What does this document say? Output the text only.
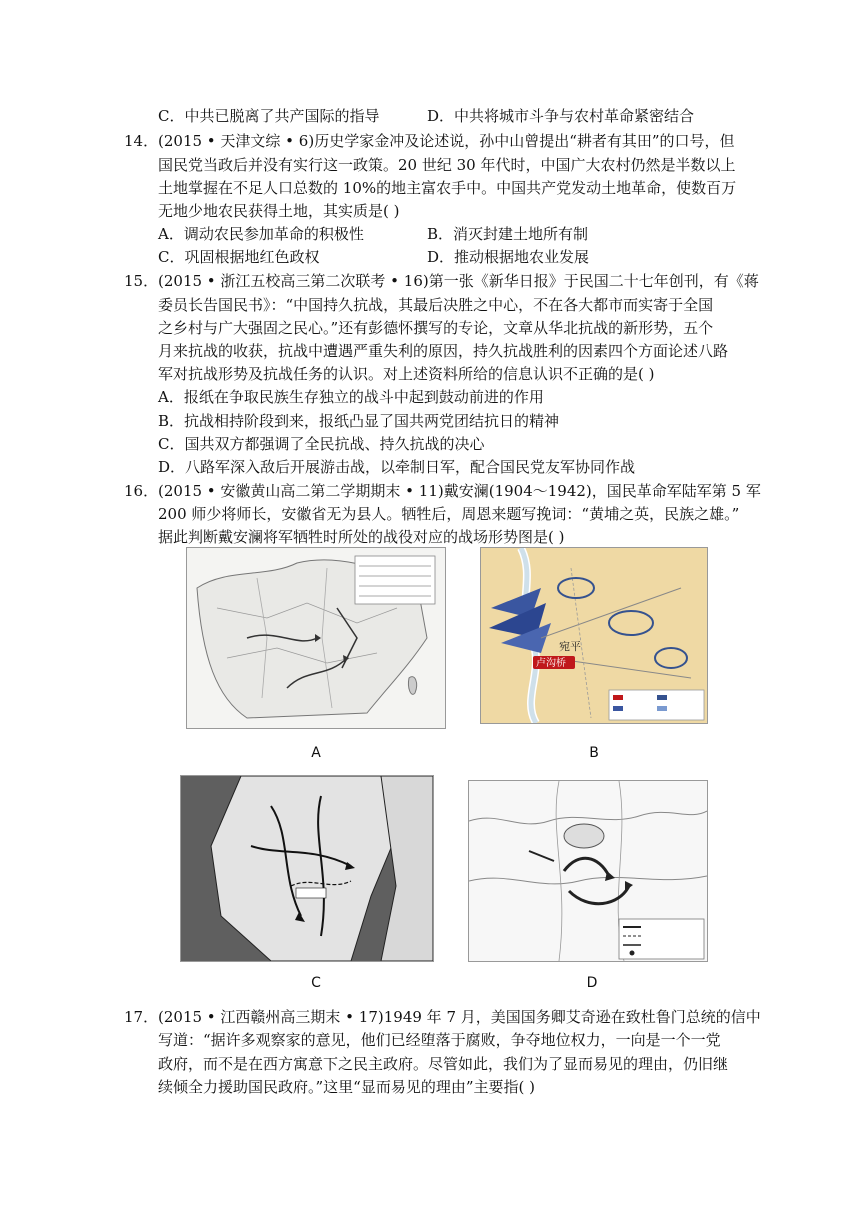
C．中共已脱离了共产国际的指导	D．中共将城市斗争与农村革命紧密结合
14． (2015 • 天津文综 • 6)历史学家金冲及论述说，孙中山曾提出“耕者有其田”的口号，但
国民党当政后并没有实行这一政策。20 世纪 30 年代时，中国广大农村仍然是半数以上
土地掌握在不足人口总数的 10%的地主富农手中。中国共产党发动土地革命，使数百万
无地少地农民获得土地，其实质是( )
A．调动农民参加革命的积极性	B．消灭封建土地所有制
C．巩固根据地红色政权	D．推动根据地农业发展
15． (2015 • 浙江五校高三第二次联考 • 16)第一张《新华日报》于民国二十七年创刊，有《蒋
委员长告国民书》：“中国持久抗战，其最后决胜之中心，不在各大都市而实寄于全国
之乡村与广大强固之民心。”还有彭德怀撰写的专论，文章从华北抗战的新形势，五个
月来抗战的收获，抗战中遭遇严重失利的原因，持久抗战胜利的因素四个方面论述八路
军对抗战形势及抗战任务的认识。对上述资料所给的信息认识不正确的是( )
A．报纸在争取民族生存独立的战斗中起到鼓动前进的作用
B．抗战相持阶段到来，报纸凸显了国共两党团结抗日的精神
C．国共双方都强调了全民抗战、持久抗战的决心
D．八路军深入敌后开展游击战，以牵制日军，配合国民党友军协同作战
16． (2015 • 安徽黄山高二第二学期期末 • 11)戴安澜(1904～1942)，国民革命军陆军第 5 军
200 师少将师长，安徽省无为县人。牺牲后，周恩来题写挽词：“黄埔之英，民族之雄。”
据此判断戴安澜将军牺牲时所处的战役对应的战场形势图是( )
A
宛平
卢沟桥
B
C	D
17． (2015 • 江西赣州高三期末 • 17)1949 年 7 月，美国国务卿艾奇逊在致杜鲁门总统的信中
写道：“据许多观察家的意见，他们已经堕落于腐败，争夺地位权力，一向是一个一党
政府，而不是在西方寓意下之民主政府。尽管如此，我们为了显而易见的理由，仍旧继
续倾全力援助国民政府。”这里“显而易见的理由”主要指( )
